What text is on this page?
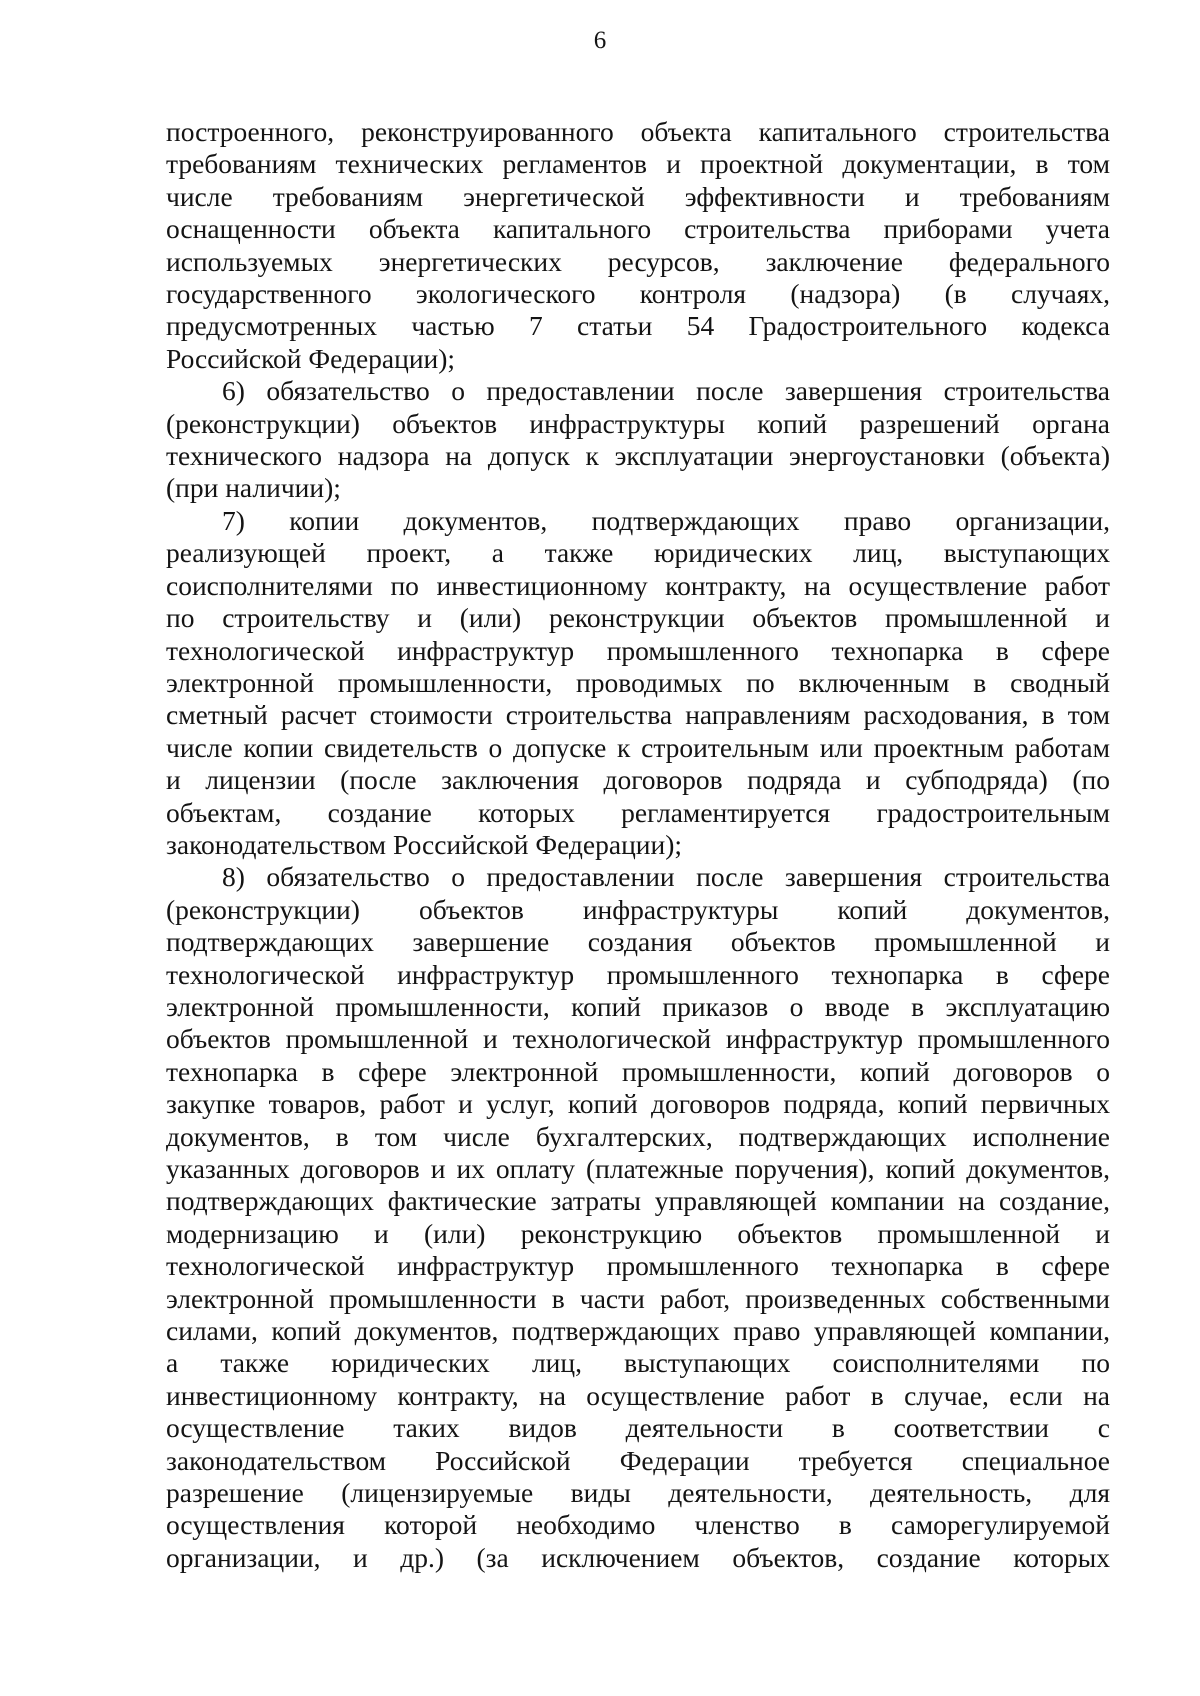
6
построенного, реконструированного объекта капитального строительства
требованиям технических регламентов и проектной документации, в том
числе требованиям энергетической эффективности и требованиям
оснащенности объекта капитального строительства приборами учета
используемых энергетических ресурсов, заключение федерального
государственного экологического контроля (надзора) (в случаях,
предусмотренных частью 7 статьи 54 Градостроительного кодекса
Российской Федерации);
6) обязательство о предоставлении после завершения строительства
(реконструкции) объектов инфраструктуры копий разрешений органа
технического надзора на допуск к эксплуатации энергоустановки (объекта)
(при наличии);
7) копии документов, подтверждающих право организации,
реализующей проект, а также юридических лиц, выступающих
соисполнителями по инвестиционному контракту, на осуществление работ
по строительству и (или) реконструкции объектов промышленной и
технологической инфраструктур промышленного технопарка в сфере
электронной промышленности, проводимых по включенным в сводный
сметный расчет стоимости строительства направлениям расходования, в том
числе копии свидетельств о допуске к строительным или проектным работам
и лицензии (после заключения договоров подряда и субподряда) (по
объектам, создание которых регламентируется градостроительным
законодательством Российской Федерации);
8) обязательство о предоставлении после завершения строительства
(реконструкции) объектов инфраструктуры копий документов,
подтверждающих завершение создания объектов промышленной и
технологической инфраструктур промышленного технопарка в сфере
электронной промышленности, копий приказов о вводе в эксплуатацию
объектов промышленной и технологической инфраструктур промышленного
технопарка в сфере электронной промышленности, копий договоров о
закупке товаров, работ и услуг, копий договоров подряда, копий первичных
документов, в том числе бухгалтерских, подтверждающих исполнение
указанных договоров и их оплату (платежные поручения), копий документов,
подтверждающих фактические затраты управляющей компании на создание,
модернизацию и (или) реконструкцию объектов промышленной и
технологической инфраструктур промышленного технопарка в сфере
электронной промышленности в части работ, произведенных собственными
силами, копий документов, подтверждающих право управляющей компании,
а также юридических лиц, выступающих соисполнителями по
инвестиционному контракту, на осуществление работ в случае, если на
осуществление таких видов деятельности в соответствии с
законодательством Российской Федерации требуется специальное
разрешение (лицензируемые виды деятельности, деятельность, для
осуществления которой необходимо членство в саморегулируемой
организации, и др.) (за исключением объектов, создание которых
